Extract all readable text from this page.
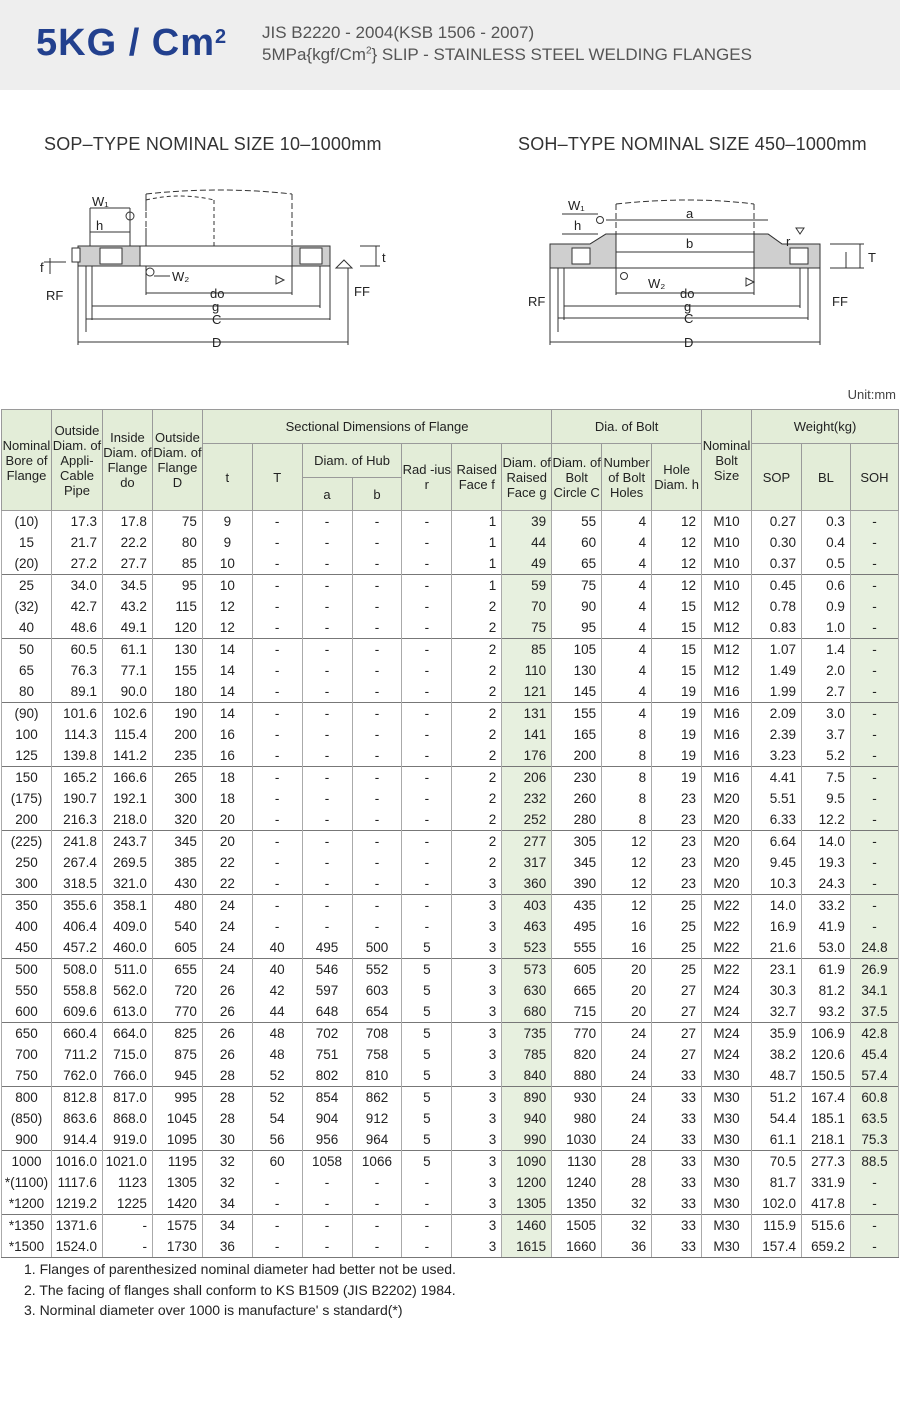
5KG / Cm$^2$ JIS B2220 - 2004(KSB 1506 - 2007)
5MPa{kgf/Cm$^2$} SLIP - STAINLESS STEEL WELDING FLANGES
SOP–TYPE NOMINAL SIZE 10–1000mm	SOH–TYPE NOMINAL SIZE 450–1000mm
W₁
h
W₂
f
t
RF	FF
do
g
C
D
W₁
h
a
b	r
T
W₂
RF	FF
do
g
C
D
Unit:mm
Nominal Bore of Flange	Outside Diam. of Appli-Cable Pipe	Inside Diam. of Flange do	Outside Diam. of Flange D	Sectional Dimensions of Flange							Dia. of Bolt			Nominal Bolt Size	Weight(kg)		
				t	T	Diam. of Hub		Rad -ius r	Raised Face f	Diam. of Raised Face g	Diam. of Bolt Circle C	Number of Bolt Holes	Hole Diam. h		SOP	BL	SOH
						a	b										
(10)	17.3	17.8	75	9	-	-	-	-	1	39	55	4	12	M10	0.27	0.3	-
15	21.7	22.2	80	9	-	-	-	-	1	44	60	4	12	M10	0.30	0.4	-
(20)	27.2	27.7	85	10	-	-	-	-	1	49	65	4	12	M10	0.37	0.5	-
25	34.0	34.5	95	10	-	-	-	-	1	59	75	4	12	M10	0.45	0.6	-
(32)	42.7	43.2	115	12	-	-	-	-	2	70	90	4	15	M12	0.78	0.9	-
40	48.6	49.1	120	12	-	-	-	-	2	75	95	4	15	M12	0.83	1.0	-
50	60.5	61.1	130	14	-	-	-	-	2	85	105	4	15	M12	1.07	1.4	-
65	76.3	77.1	155	14	-	-	-	-	2	110	130	4	15	M12	1.49	2.0	-
80	89.1	90.0	180	14	-	-	-	-	2	121	145	4	19	M16	1.99	2.7	-
(90)	101.6	102.6	190	14	-	-	-	-	2	131	155	4	19	M16	2.09	3.0	-
100	114.3	115.4	200	16	-	-	-	-	2	141	165	8	19	M16	2.39	3.7	-
125	139.8	141.2	235	16	-	-	-	-	2	176	200	8	19	M16	3.23	5.2	-
150	165.2	166.6	265	18	-	-	-	-	2	206	230	8	19	M16	4.41	7.5	-
(175)	190.7	192.1	300	18	-	-	-	-	2	232	260	8	23	M20	5.51	9.5	-
200	216.3	218.0	320	20	-	-	-	-	2	252	280	8	23	M20	6.33	12.2	-
(225)	241.8	243.7	345	20	-	-	-	-	2	277	305	12	23	M20	6.64	14.0	-
250	267.4	269.5	385	22	-	-	-	-	2	317	345	12	23	M20	9.45	19.3	-
300	318.5	321.0	430	22	-	-	-	-	3	360	390	12	23	M20	10.3	24.3	-
350	355.6	358.1	480	24	-	-	-	-	3	403	435	12	25	M22	14.0	33.2	-
400	406.4	409.0	540	24	-	-	-	-	3	463	495	16	25	M22	16.9	41.9	-
450	457.2	460.0	605	24	40	495	500	5	3	523	555	16	25	M22	21.6	53.0	24.8
500	508.0	511.0	655	24	40	546	552	5	3	573	605	20	25	M22	23.1	61.9	26.9
550	558.8	562.0	720	26	42	597	603	5	3	630	665	20	27	M24	30.3	81.2	34.1
600	609.6	613.0	770	26	44	648	654	5	3	680	715	20	27	M24	32.7	93.2	37.5
650	660.4	664.0	825	26	48	702	708	5	3	735	770	24	27	M24	35.9	106.9	42.8
700	711.2	715.0	875	26	48	751	758	5	3	785	820	24	27	M24	38.2	120.6	45.4
750	762.0	766.0	945	28	52	802	810	5	3	840	880	24	33	M30	48.7	150.5	57.4
800	812.8	817.0	995	28	52	854	862	5	3	890	930	24	33	M30	51.2	167.4	60.8
(850)	863.6	868.0	1045	28	54	904	912	5	3	940	980	24	33	M30	54.4	185.1	63.5
900	914.4	919.0	1095	30	56	956	964	5	3	990	1030	24	33	M30	61.1	218.1	75.3
1000	1016.0	1021.0	1195	32	60	1058	1066	5	3	1090	1130	28	33	M30	70.5	277.3	88.5
*(1100)	1117.6	1123	1305	32	-	-	-	-	3	1200	1240	28	33	M30	81.7	331.9	-
*1200	1219.2	1225	1420	34	-	-	-	-	3	1305	1350	32	33	M30	102.0	417.8	-
*1350	1371.6	-	1575	34	-	-	-	-	3	1460	1505	32	33	M30	115.9	515.6	-
*1500	1524.0	-	1730	36	-	-	-	-	3	1615	1660	36	33	M30	157.4	659.2	-
1. Flanges of parenthesized nominal diameter had better not be used.
2. The facing of flanges shall conform to KS B1509 (JIS B2202) 1984.
3. Norminal diameter over 1000 is manufacture' s standard(*)
